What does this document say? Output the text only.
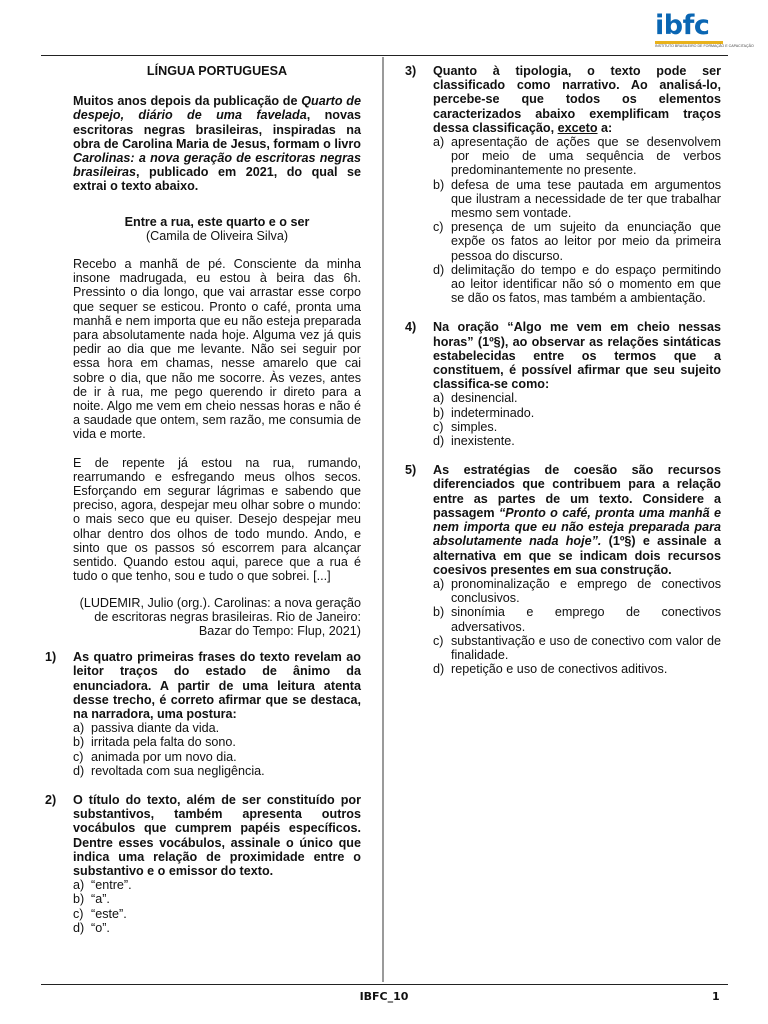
ibfc
INSTITUTO BRASILEIRO DE FORMAÇÃO E CAPACITAÇÃO

LÍNGUA PORTUGUESA

Muitos anos depois da publicação de Quarto de despejo, diário de uma favelada, novas escritoras negras brasileiras, inspiradas na obra de Carolina Maria de Jesus, formam o livro Carolinas: a nova geração de escritoras negras brasileiras, publicado em 2021, do qual se extrai o texto abaixo.

Entre a rua, este quarto e o ser

(Camila de Oliveira Silva)

Recebo a manhã de pé. Consciente da minha insone madrugada, eu estou à beira das 6h. Pressinto o dia longo, que vai arrastar esse corpo que sequer se esticou. Pronto o café, pronta uma manhã e nem importa que eu não esteja preparada para absolutamente nada hoje. Alguma vez já quis pedir ao dia que me levante. Não sei seguir por essa hora em chamas, nesse amarelo que cai sobre o dia, que não me socorre. Às vezes, antes de ir à rua, me pego querendo ir direto para a noite. Algo me vem em cheio nessas horas e não é a saudade que ontem, sem razão, me consumia de vida e morte.

E de repente já estou na rua, rumando, rearrumando e esfregando meus olhos secos. Esforçando em segurar lágrimas e sabendo que preciso, agora, despejar meu olhar sobre o mundo: o mais seco que eu quiser. Desejo despejar meu olhar dentro dos olhos de todo mundo. Ando, e sinto que os passos só escorrem para alcançar sentido. Quando estou aqui, parece que a rua é tudo o que tenho, sou e tudo o que sobrei. [...]

(LUDEMIR, Julio (org.). Carolinas: a nova geração
de escritoras negras brasileiras. Rio de Janeiro:
Bazar do Tempo: Flup, 2021)
1) As quatro primeiras frases do texto revelam ao leitor traços do estado de ânimo da enunciadora. A partir de uma leitura atenta desse trecho, é correto afirmar que se destaca, na narradora, uma postura:

a) passiva diante da vida.
b) irritada pela falta do sono.
c) animada por um novo dia.
d) revoltada com sua negligência.
2) O título do texto, além de ser constituído por substantivos, também apresenta outros vocábulos que cumprem papéis específicos. Dentre esses vocábulos, assinale o único que indica uma relação de proximidade entre o substantivo e o emissor do texto.

a) “entre”.
b) “a”.
c) “este”.
d) “o”.
3) Quanto à tipologia, o texto pode ser classificado como narrativo. Ao analisá-lo, percebe-se que todos os elementos caracterizados abaixo exemplificam traços dessa classificação, exceto a:

a) apresentação de ações que se desenvolvem por meio de uma sequência de verbos predominantemente no presente.
b) defesa de uma tese pautada em argumentos que ilustram a necessidade de ter que trabalhar mesmo sem vontade.
c) presença de um sujeito da enunciação que expõe os fatos ao leitor por meio da primeira pessoa do discurso.
d) delimitação do tempo e do espaço permitindo ao leitor identificar não só o momento em que se dão os fatos, mas também a ambientação.
4) Na oração “Algo me vem em cheio nessas horas” (1º§), ao observar as relações sintáticas estabelecidas entre os termos que a constituem, é possível afirmar que seu sujeito classifica-se como:

a) desinencial.
b) indeterminado.
c) simples.
d) inexistente.
5) As estratégias de coesão são recursos diferenciados que contribuem para a relação entre as partes de um texto. Considere a passagem “Pronto o café, pronta uma manhã e nem importa que eu não esteja preparada para absolutamente nada hoje”. (1º§) e assinale a alternativa em que se indicam dois recursos coesivos presentes em sua construção.

a) pronominalização e emprego de conectivos conclusivos.
b) sinonímia e emprego de conectivos adversativos.
c) substantivação e uso de conectivo com valor de finalidade.
d) repetição e uso de conectivos aditivos.
IBFC_10	1
